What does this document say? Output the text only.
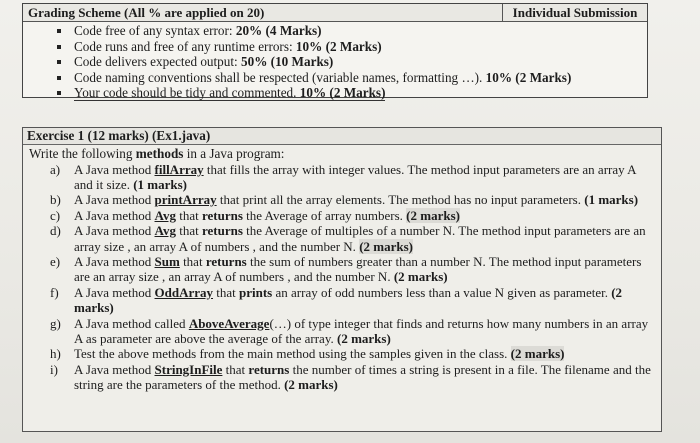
Grading Scheme (All % are applied on 20)	Individual Submission
Code free of any syntax error: 20% (4 Marks)
Code runs and free of any runtime errors: 10% (2 Marks)
Code delivers expected output: 50% (10 Marks)
Code naming conventions shall be respected (variable names, formatting …). 10% (2 Marks)
Your code should be tidy and commented. 10% (2 Marks)
Exercise 1 (12 marks) (Ex1.java)
Write the following methods in a Java program:
a) A Java method fillArray that fills the array with integer values. The method input parameters are an array A and it size. (1 marks)
b) A Java method printArray that print all the array elements. The method has no input parameters. (1 marks)
c) A Java method Avg that returns the Average of array numbers. (2 marks)
d) A Java method Avg that returns the Average of multiples of a number N. The method input parameters are an array size , an array A of numbers , and the number N. (2 marks)
e) A Java method Sum that returns the sum of numbers greater than a number N. The method input parameters are an array size , an array A of numbers , and the number N. (2 marks)
f) A Java method OddArray that prints an array of odd numbers less than a value N given as parameter. (2 marks)
g) A Java method called AboveAverage(…) of type integer that finds and returns how many numbers in an array A as parameter are above the average of the array. (2 marks)
h) Test the above methods from the main method using the samples given in the class. (2 marks)
i) A Java method StringInFile that returns the number of times a string is present in a file. The filename and the string are the parameters of the method. (2 marks)
